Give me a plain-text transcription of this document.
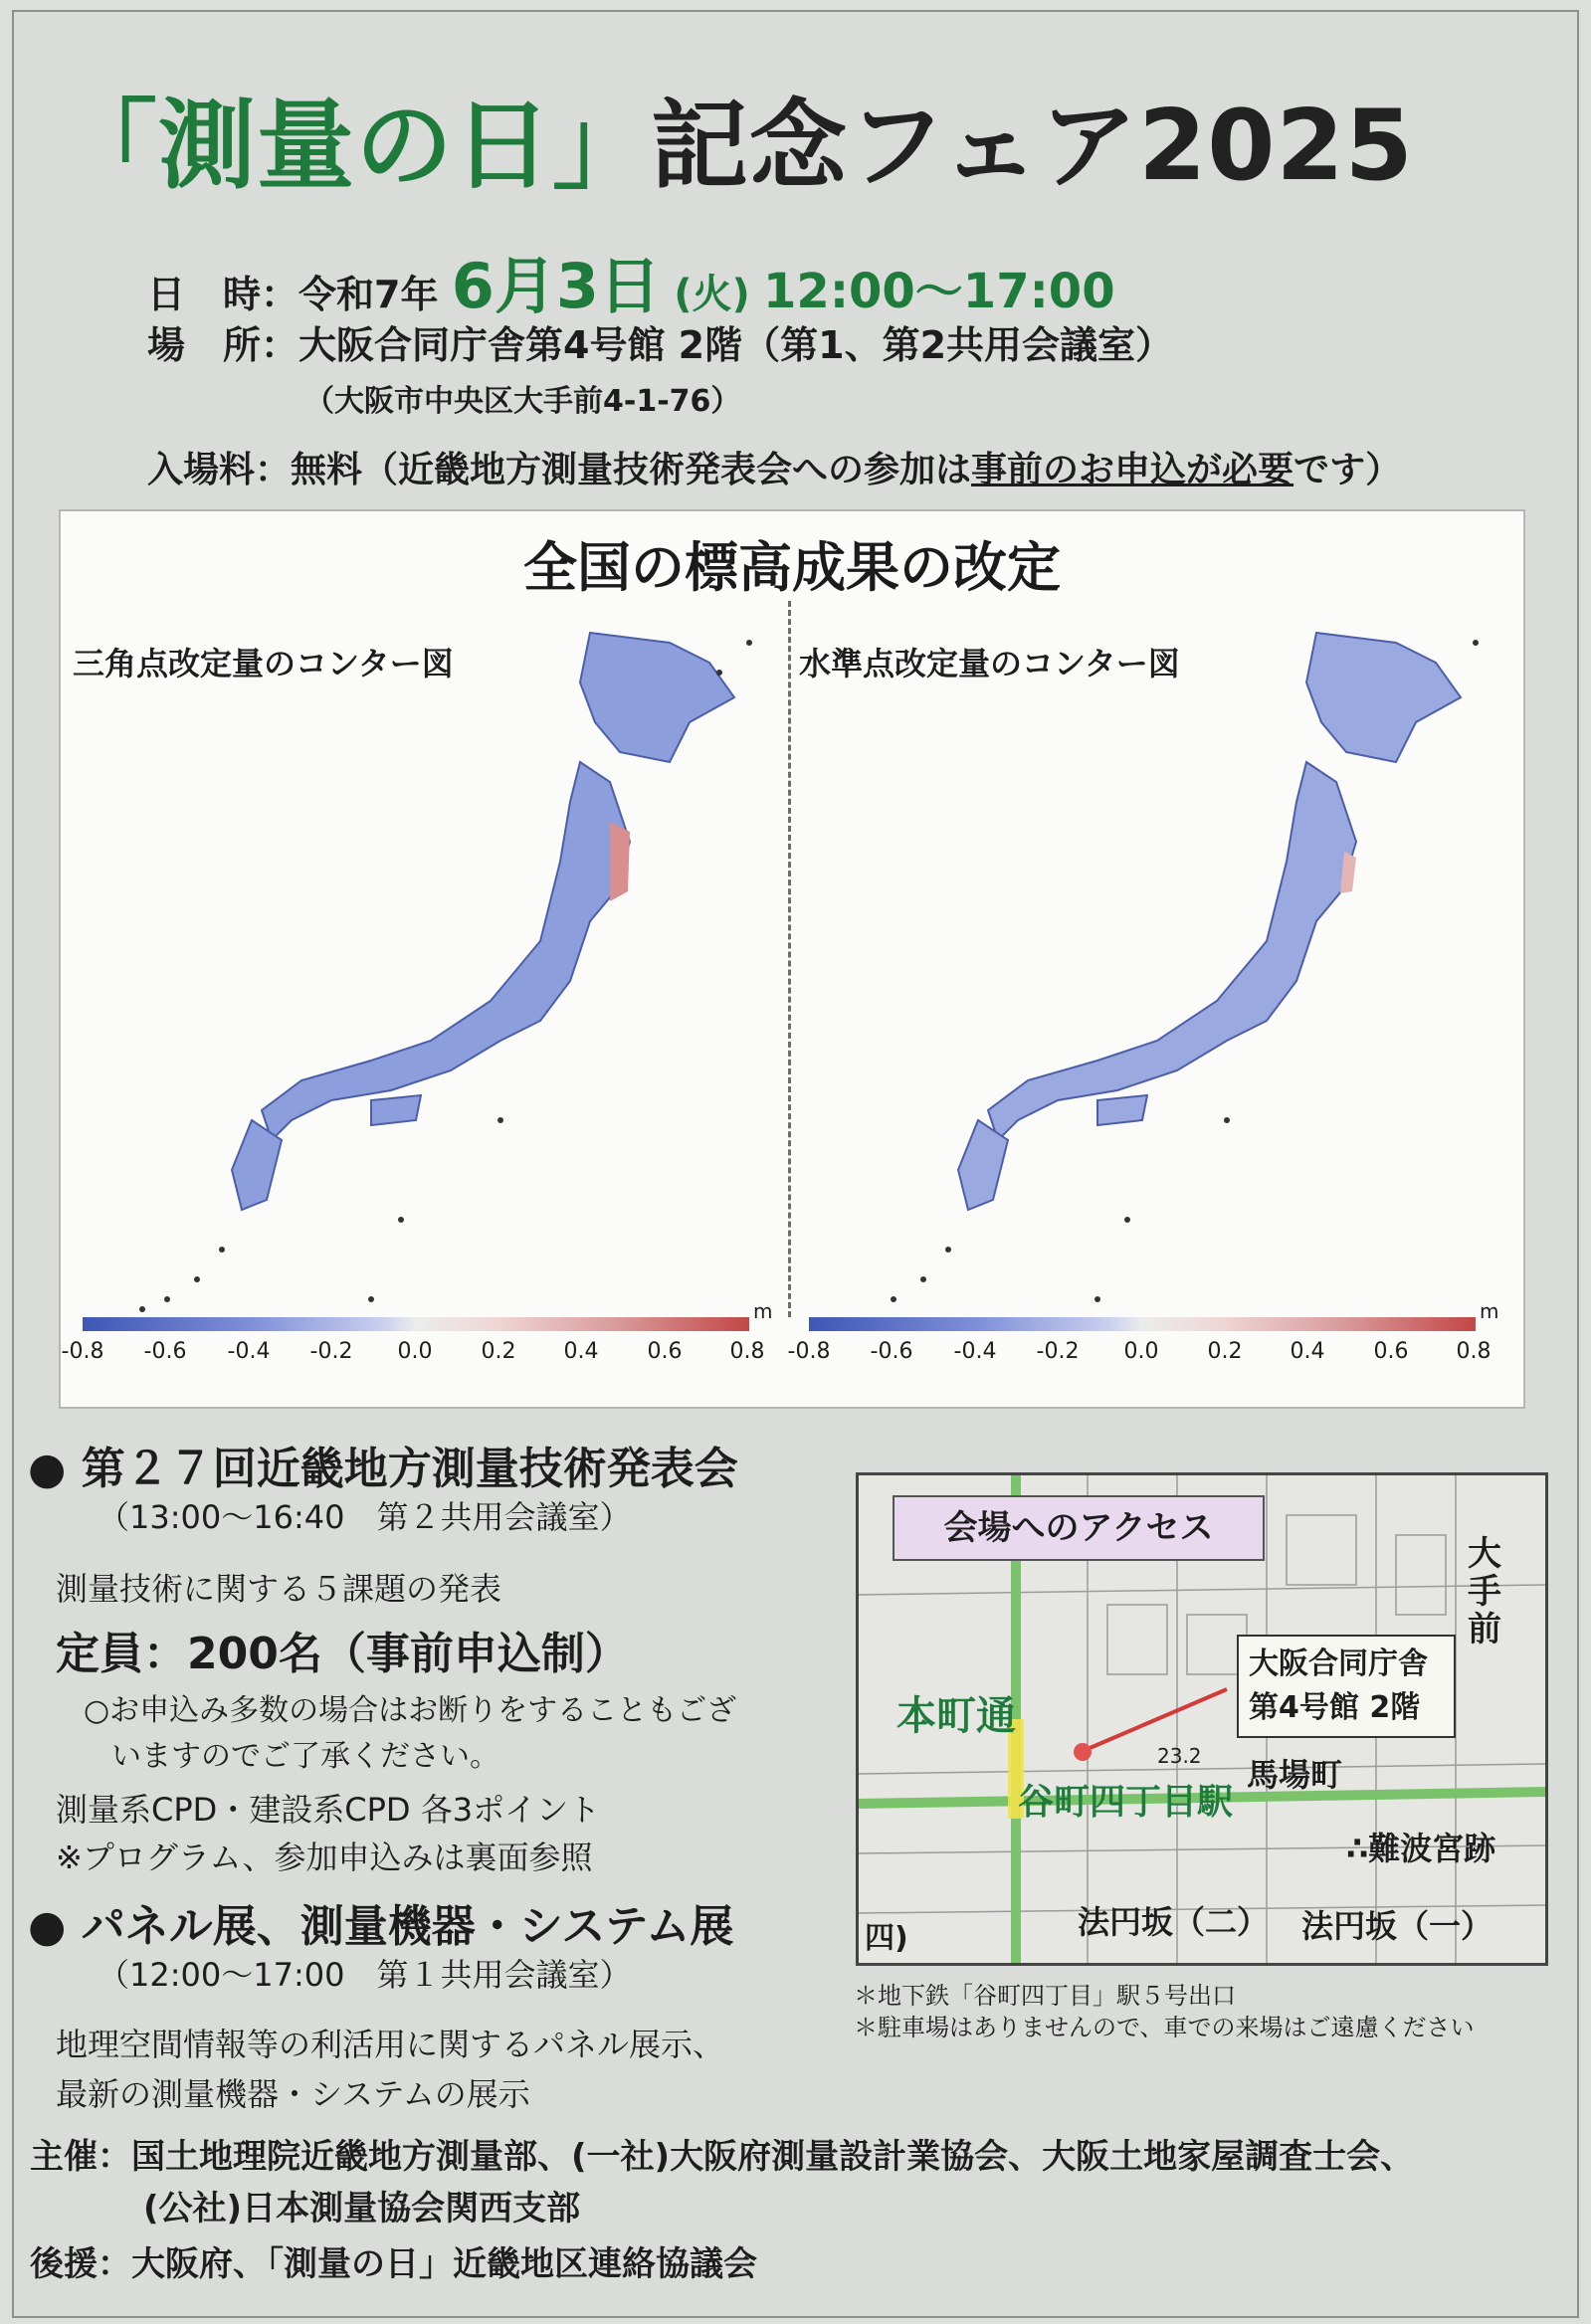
「測量の日」記念フェア2025
日　時：令和7年 6月3日 (火) 12:00～17:00
場　所：大阪合同庁舎第4号館 2階（第1、第2共用会議室）
（大阪市中央区大手前4-1-76）
入場料：無料（近畿地方測量技術発表会への参加は事前のお申込が必要です）
全国の標高成果の改定
三角点改定量のコンター図
m
-0.8 -0.6 -0.4 -0.2 0.0 0.2 0.4 0.6 0.8
水準点改定量のコンター図
m
-0.8 -0.6 -0.4 -0.2 0.0 0.2 0.4 0.6 0.8
● 第２７回近畿地方測量技術発表会
（13:00～16:40　第２共用会議室）
測量技術に関する５課題の発表
定員：200名（事前申込制）
○お申込み多数の場合はお断りをすることもござ
いますのでご了承ください。
測量系CPD・建設系CPD 各3ポイント
※プログラム、参加申込みは裏面参照
● パネル展、測量機器・システム展
（12:00～17:00　第１共用会議室）
地理空間情報等の利活用に関するパネル展示、
最新の測量機器・システムの展示
会場へのアクセス
大阪合同庁舎
第4号館 2階
本町通
谷町四丁目駅
馬場町
∴難波宮跡
法円坂（二） 法円坂（一）
大手前
四)
23.2
＊地下鉄「谷町四丁目」駅５号出口
＊駐車場はありませんので、車での来場はご遠慮ください
主催：国土地理院近畿地方測量部、(一社)大阪府測量設計業協会、大阪土地家屋調査士会、
(公社)日本測量協会関西支部
後援：大阪府、「測量の日」近畿地区連絡協議会
